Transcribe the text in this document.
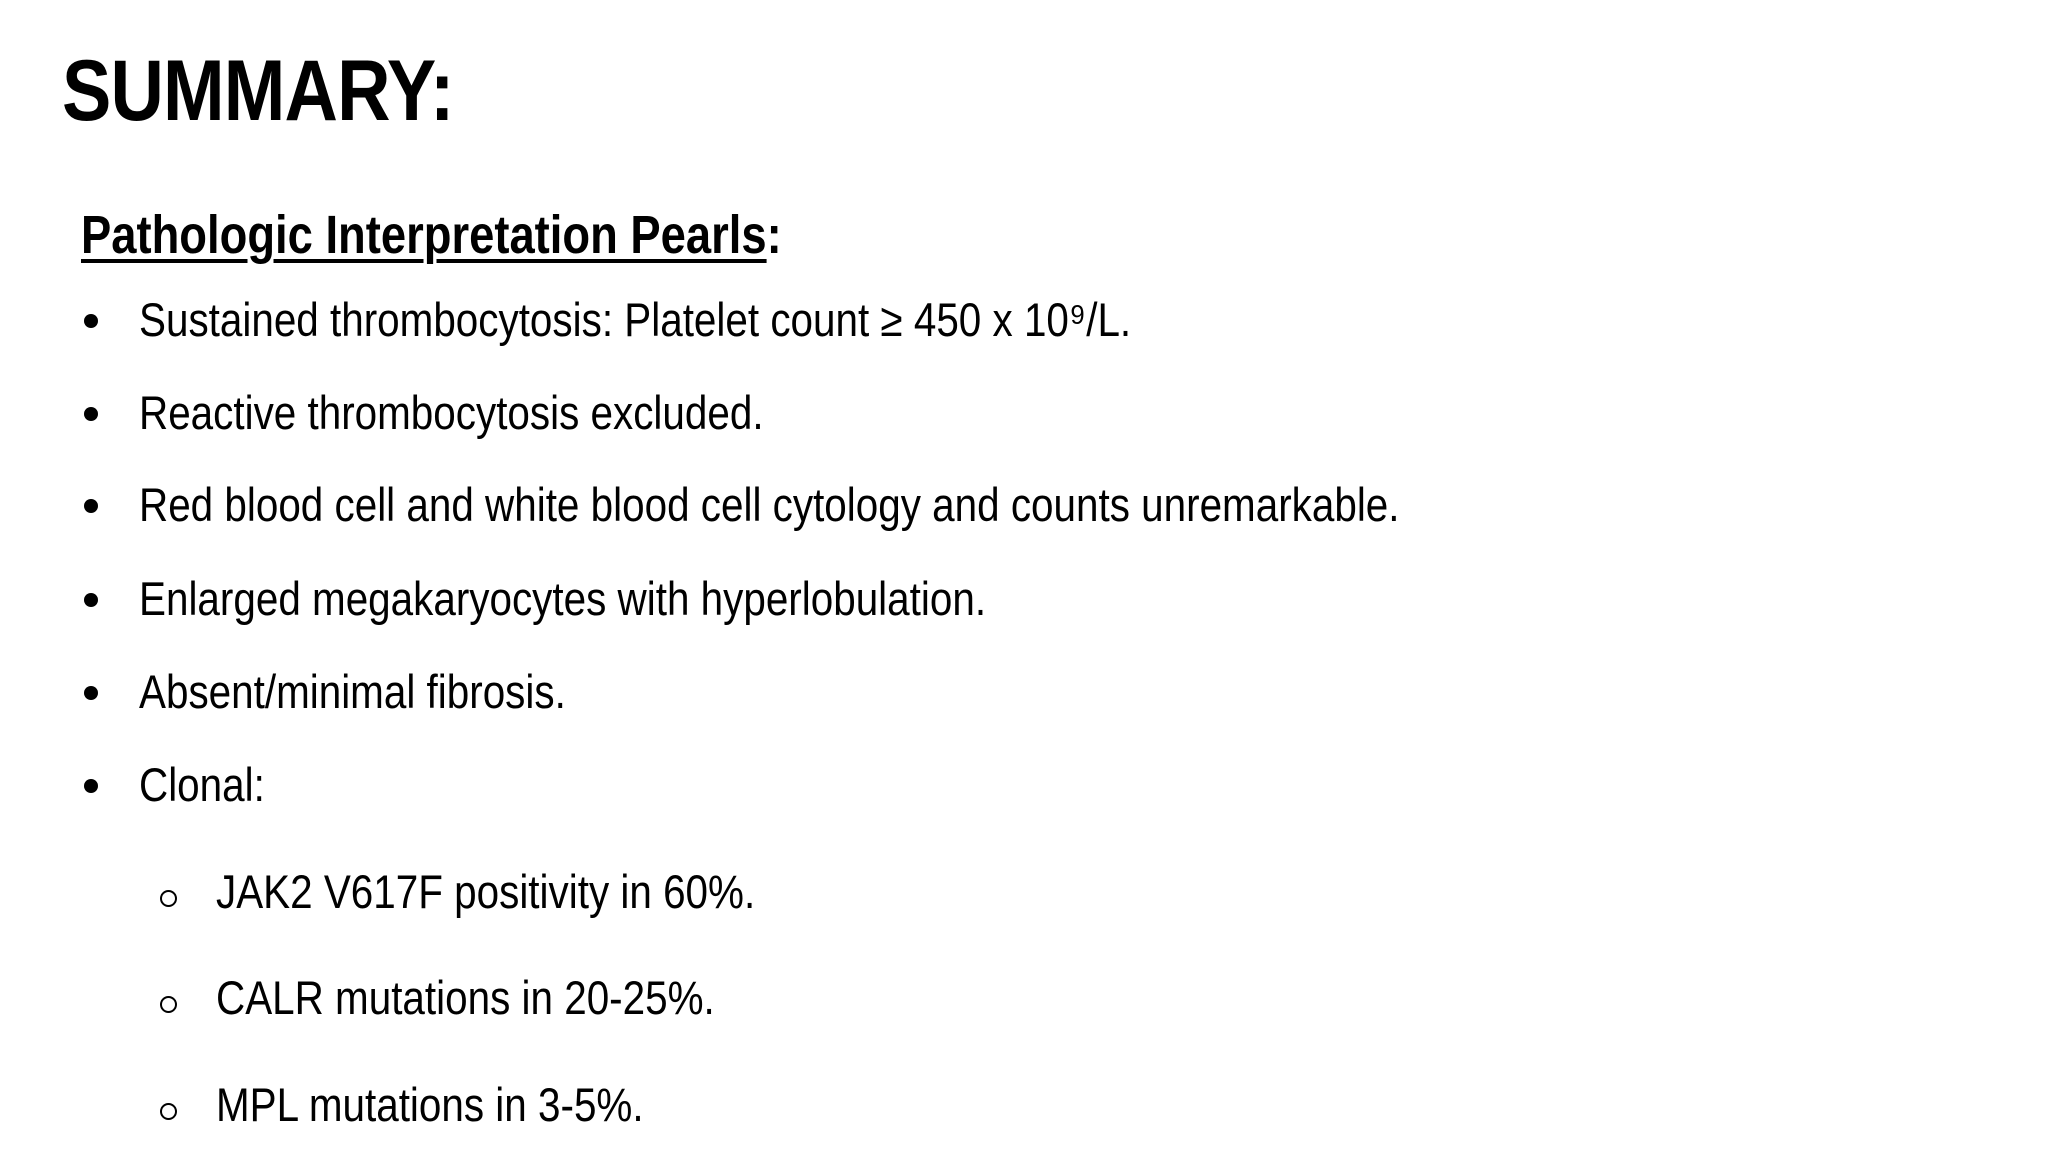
SUMMARY:
Pathologic Interpretation Pearls:
Sustained thrombocytosis: Platelet count ≥ 450 x 10⁹/L.
Reactive thrombocytosis excluded.
Red blood cell and white blood cell cytology and counts unremarkable.
Enlarged megakaryocytes with hyperlobulation.
Absent/minimal fibrosis.
Clonal:
JAK2 V617F positivity in 60%.
CALR mutations in 20-25%.
MPL mutations in 3-5%.
